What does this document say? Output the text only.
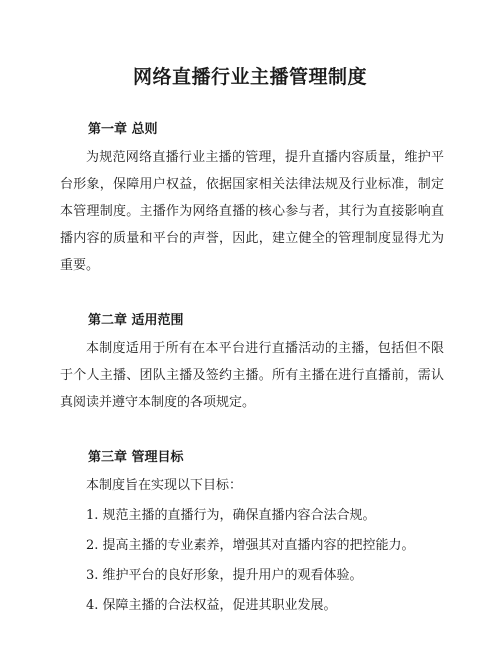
网络直播行业主播管理制度
第一章 总则

为规范网络直播行业主播的管理，提升直播内容质量，维护平台形象，保障用户权益，依据国家相关法律法规及行业标准，制定本管理制度。主播作为网络直播的核心参与者，其行为直接影响直播内容的质量和平台的声誉，因此，建立健全的管理制度显得尤为重要。

第二章 适用范围

本制度适用于所有在本平台进行直播活动的主播，包括但不限于个人主播、团队主播及签约主播。所有主播在进行直播前，需认真阅读并遵守本制度的各项规定。

第三章 管理目标
本制度旨在实现以下目标：
1. 规范主播的直播行为，确保直播内容合法合规。
2. 提高主播的专业素养，增强其对直播内容的把控能力。
3. 维护平台的良好形象，提升用户的观看体验。
4. 保障主播的合法权益，促进其职业发展。
